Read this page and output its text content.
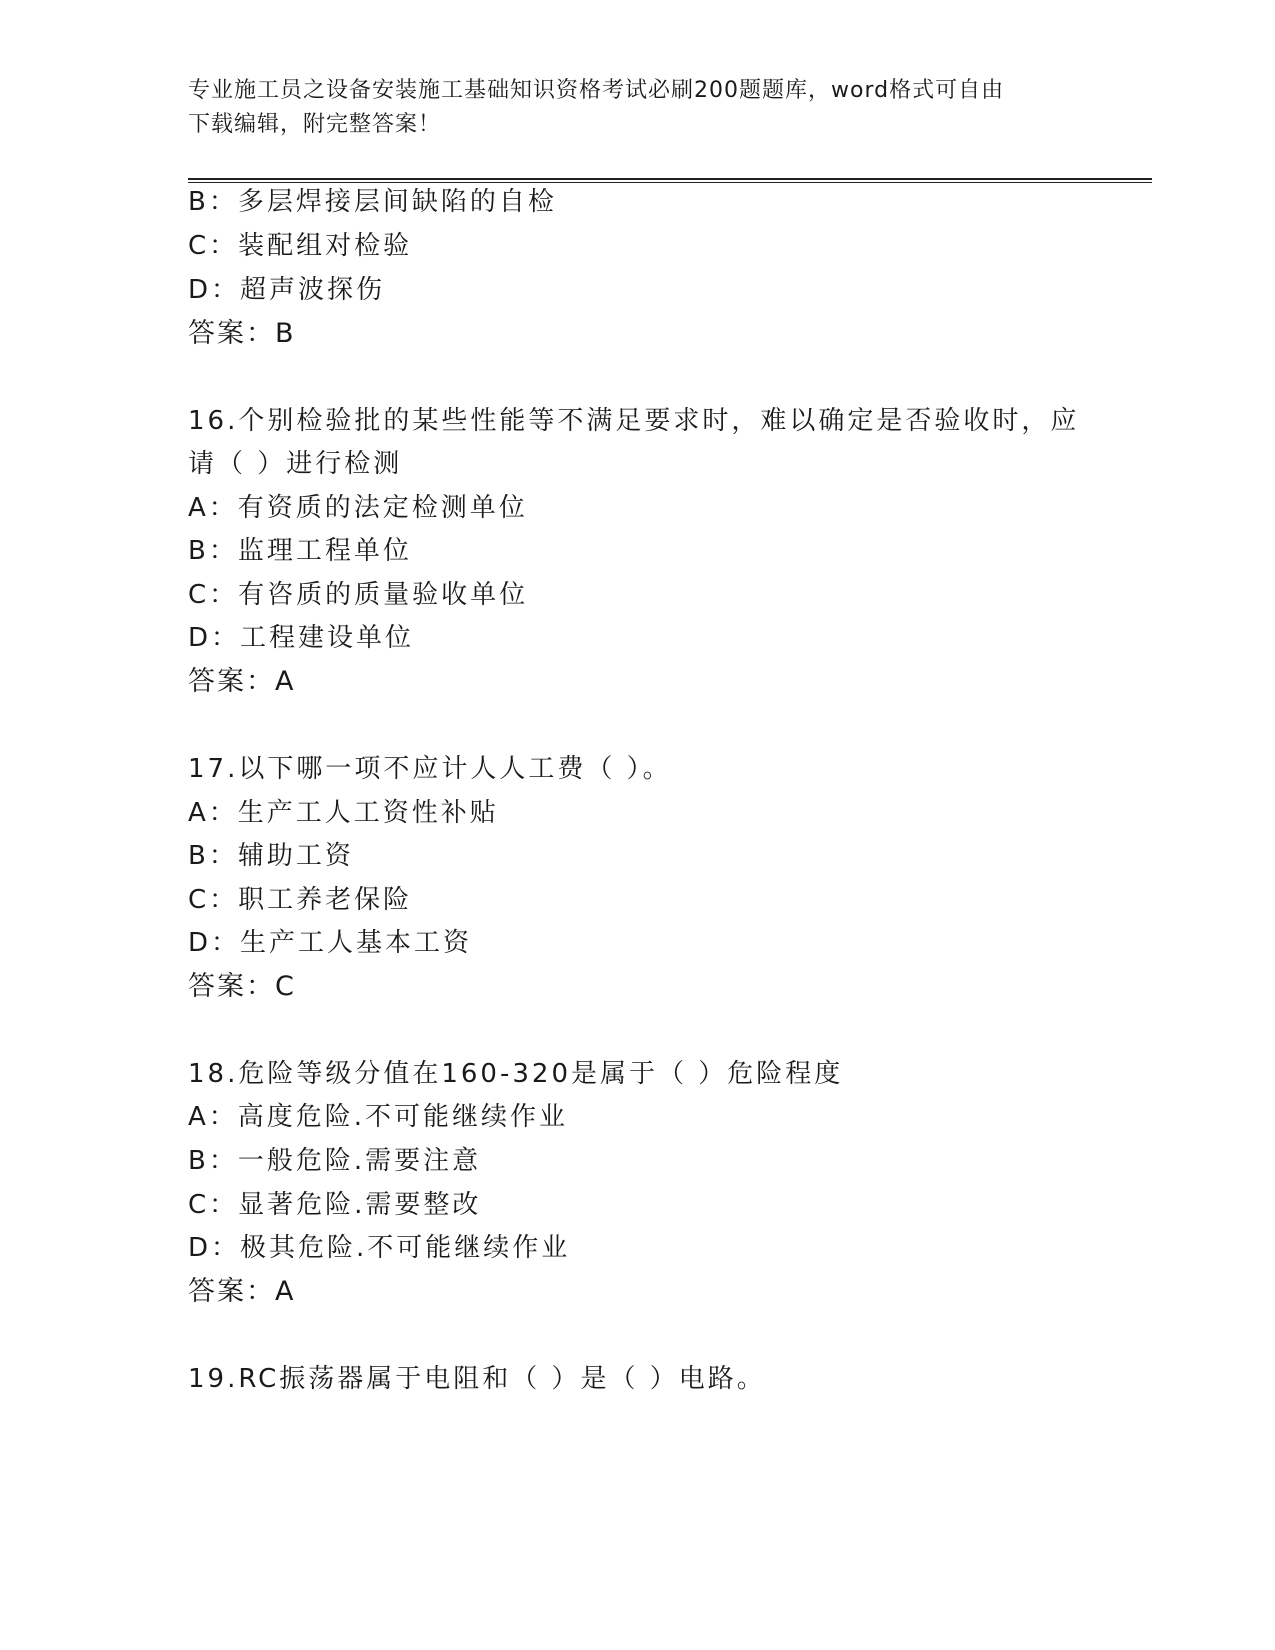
专业施工员之设备安装施工基础知识资格考试必刷200题题库，word格式可自由
下载编辑，附完整答案！
B：多层焊接层间缺陷的自检
C：装配组对检验
D：超声波探伤
答案：B
16.个别检验批的某些性能等不满足要求时，难以确定是否验收时，应
请（ ）进行检测
A：有资质的法定检测单位
B：监理工程单位
C：有咨质的质量验收单位
D：工程建设单位
答案：A
17.以下哪一项不应计人人工费（ ）。
A：生产工人工资性补贴
B：辅助工资
C：职工养老保险
D：生产工人基本工资
答案：C
18.危险等级分值在160-320是属于（ ）危险程度
A：高度危险.不可能继续作业
B：一般危险.需要注意
C：显著危险.需要整改
D：极其危险.不可能继续作业
答案：A
19.RC振荡器属于电阻和（ ）是（ ）电路。
